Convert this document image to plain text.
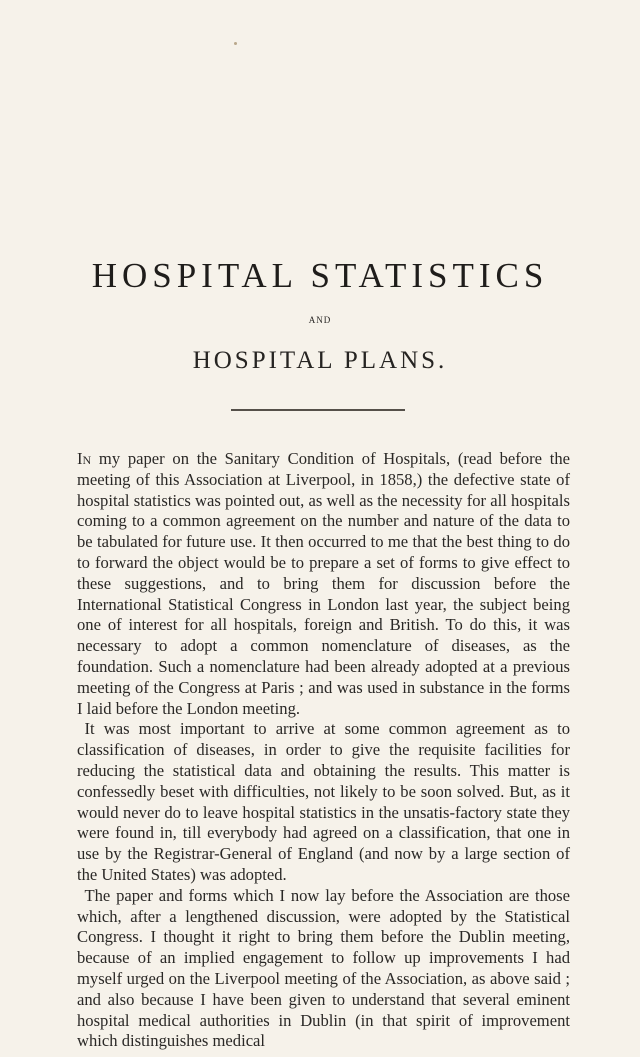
HOSPITAL STATISTICS
AND
HOSPITAL PLANS.

In my paper on the Sanitary Condition of Hospitals, (read before the meeting of this Association at Liverpool, in 1858,) the defective state of hospital statistics was pointed out, as well as the necessity for all hospitals coming to a common agreement on the number and nature of the data to be tabulated for future use. It then occurred to me that the best thing to do to forward the object would be to prepare a set of forms to give effect to these suggestions, and to bring them for discussion before the International Statistical Congress in London last year, the subject being one of interest for all hospitals, foreign and British. To do this, it was necessary to adopt a common nomenclature of diseases, as the foundation. Such a nomenclature had been already adopted at a previous meeting of the Congress at Paris ; and was used in substance in the forms I laid before the London meeting.

It was most important to arrive at some common agreement as to classification of diseases, in order to give the requisite facilities for reducing the statistical data and obtaining the results. This matter is confessedly beset with difficulties, not likely to be soon solved. But, as it would never do to leave hospital statistics in the unsatis-factory state they were found in, till everybody had agreed on a classification, that one in use by the Registrar-General of England (and now by a large section of the United States) was adopted.

The paper and forms which I now lay before the Association are those which, after a lengthened discussion, were adopted by the Statistical Congress. I thought it right to bring them before the Dublin meeting, because of an implied engagement to follow up improvements I had myself urged on the Liverpool meeting of the Association, as above said ; and also because I have been given to understand that several eminent hospital medical authorities in Dublin (in that spirit of improvement which distinguishes medical
